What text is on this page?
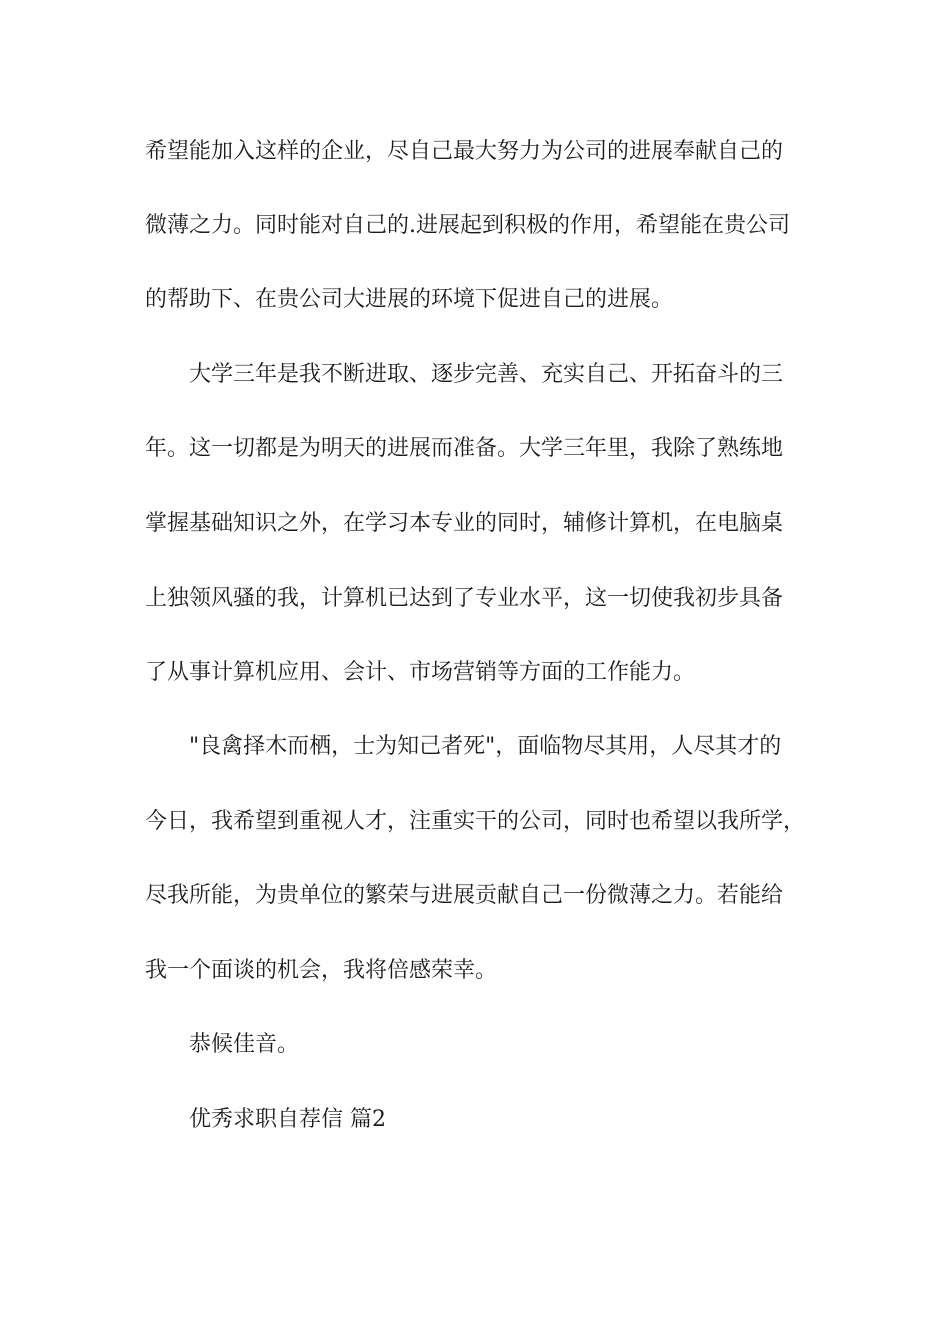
希望能加入这样的企业，尽自己最大努力为公司的进展奉献自己的

微薄之力。同时能对自己的.进展起到积极的作用，希望能在贵公司

的帮助下、在贵公司大进展的环境下促进自己的进展。

大学三年是我不断进取、逐步完善、充实自己、开拓奋斗的三

年。这一切都是为明天的进展而准备。大学三年里，我除了熟练地

掌握基础知识之外，在学习本专业的同时，辅修计算机，在电脑桌

上独领风骚的我，计算机已达到了专业水平，这一切使我初步具备

了从事计算机应用、会计、市场营销等方面的工作能力。

"良禽择木而栖，士为知己者死"，面临物尽其用，人尽其才的

今日，我希望到重视人才，注重实干的公司，同时也希望以我所学，

尽我所能，为贵单位的繁荣与进展贡献自己一份微薄之力。若能给

我一个面谈的机会，我将倍感荣幸。

恭候佳音。

优秀求职自荐信 篇2
